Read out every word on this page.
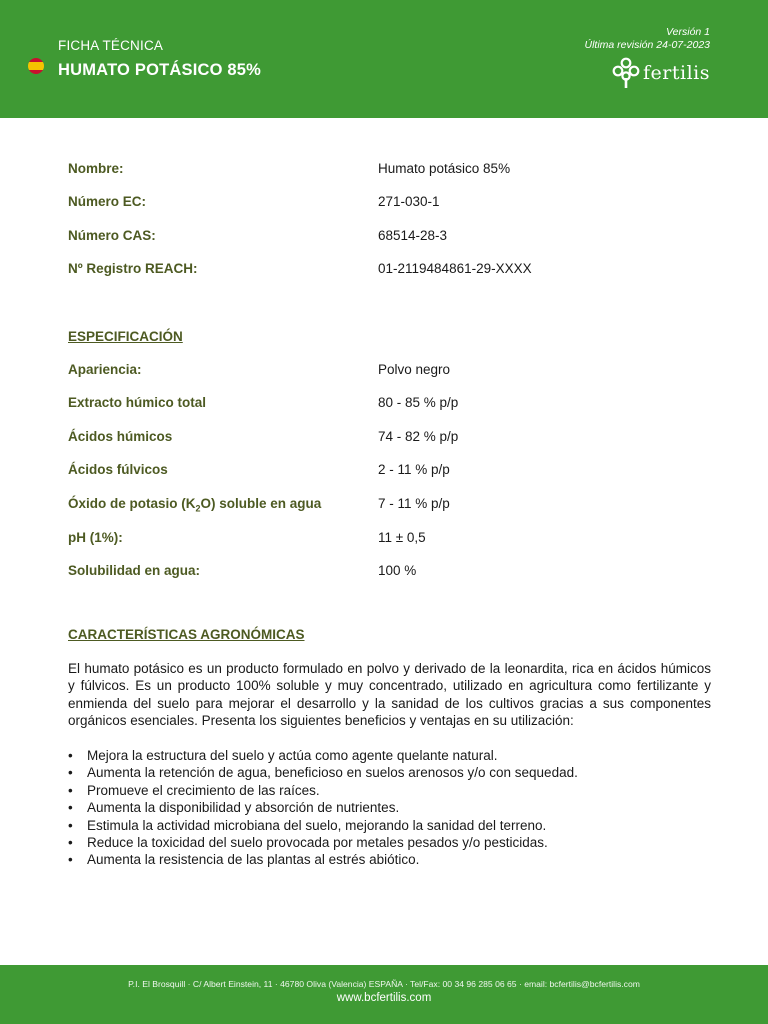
FICHA TÉCNICA
HUMATO POTÁSICO 85%
Versión 1
Última revisión 24-07-2023
fertilis
Nombre:	Humato potásico 85%
Número EC:	271-030-1
Número CAS:	68514-28-3
Nº Registro REACH:	01-2119484861-29-XXXX
ESPECIFICACIÓN
Apariencia:	Polvo negro
Extracto húmico total	80 - 85 % p/p
Ácidos húmicos	74 - 82 % p/p
Ácidos fúlvicos	2 - 11 % p/p
Óxido de potasio $(K_2O)$ soluble en agua	7 - 11 % p/p
pH (1%):	11 ± 0,5
Solubilidad en agua:	100 %
CARACTERÍSTICAS AGRONÓMICAS
El humato potásico es un producto formulado en polvo y derivado de la leonardita, rica en ácidos húmicos y fúlvicos. Es un producto 100% soluble y muy concentrado, utilizado en agricultura como fertilizante y enmienda del suelo para mejorar el desarrollo y la sanidad de los cultivos gracias a sus componentes orgánicos esenciales. Presenta los siguientes beneficios y ventajas en su utilización:
• Mejora la estructura del suelo y actúa como agente quelante natural.
• Aumenta la retención de agua, beneficioso en suelos arenosos y/o con sequedad.
• Promueve el crecimiento de las raíces.
• Aumenta la disponibilidad y absorción de nutrientes.
• Estimula la actividad microbiana del suelo, mejorando la sanidad del terreno.
• Reduce la toxicidad del suelo provocada por metales pesados y/o pesticidas.
• Aumenta la resistencia de las plantas al estrés abiótico.
P.I. El Brosquill · C/ Albert Einstein, 11 · 46780 Oliva (Valencia) ESPAÑA · Tel/Fax: 00 34 96 285 06 65 · email: bcfertilis@bcfertilis.com
www.bcfertilis.com
